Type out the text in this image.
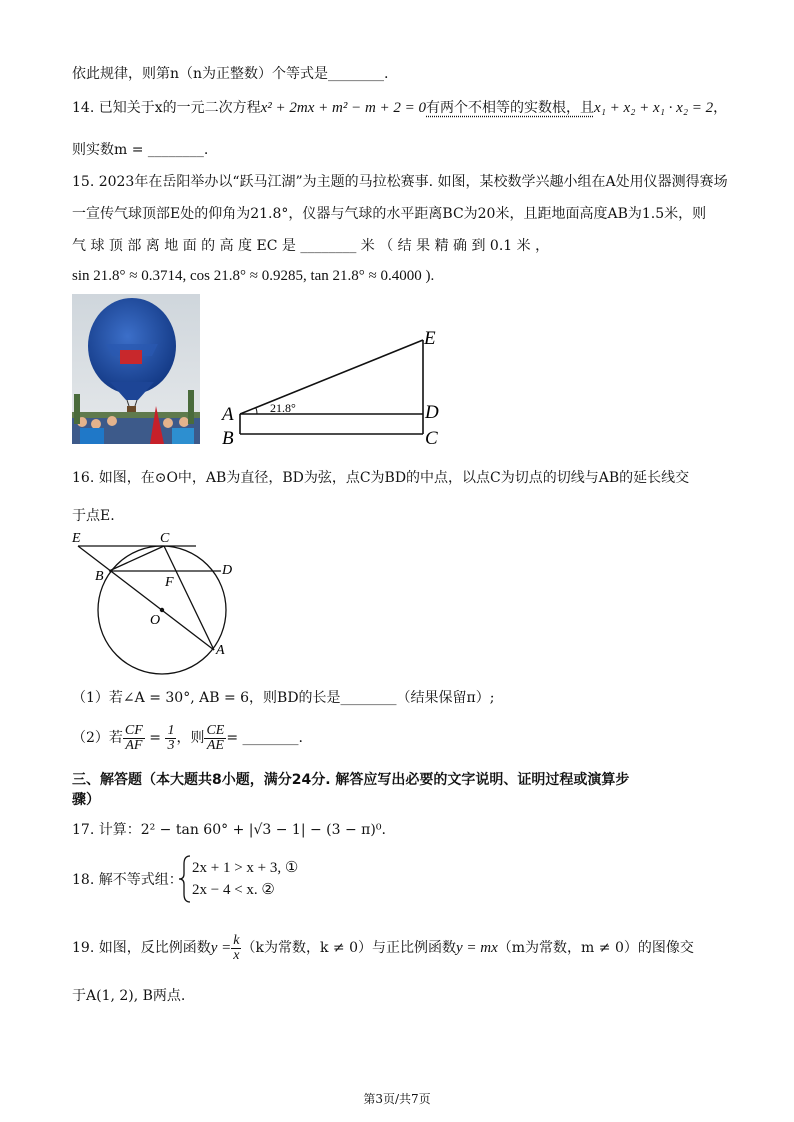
依此规律，则第n（n为正整数）个等式是________.
14. 已知关于x的一元二次方程x² + 2mx + m² − m + 2 = 0有两个不相等的实数根，且x₁ + x₂ + x₁ · x₂ = 2，
则实数m = ________.
15. 2023年在岳阳举办以“跃马江湖”为主题的马拉松赛事. 如图，某校数学兴趣小组在A处用仪器测得赛场
一宣传气球顶部E处的仰角为21.8°，仪器与气球的水平距离BC为20米，且距地面高度AB为1.5米，则
气 球 顶 部 离 地 面 的 高 度 EC 是 ________ 米 （ 结 果 精 确 到 0.1 米 ，
sin 21.8° ≈ 0.3714, cos 21.8° ≈ 0.9285, tan 21.8° ≈ 0.4000 ).
E
A
B
D
C
21.8°
16. 如图，在⊙O中，AB为直径，BD为弦，点C为BD的中点，以点C为切点的切线与AB的延长线交
于点E.
E	C
B	D
F
O
A
（1）若∠A = 30°, AB = 6，则BD的长是________（结果保留π）;
（2）若 $\frac{CF}{AF} = \frac{1}{3}$ ，则 $\frac{CE}{AE}$ = ________.
三、解答题（本大题共8小题，满分24分. 解答应写出必要的文字说明、证明过程或演算步
骤）
17. 计算：2² − tan 60° + |√3 − 1| − (3 − π)⁰.
18. 解不等式组：
2x + 1 > x + 3, ①
2x − 4 < x. ②
19. 如图，反比例函数$y = \frac{k}{x} (k$为常数，k ≠ 0）与正比例函数y = mx（m为常数，m ≠ 0）的图像交
于A(1, 2), B两点.
第3页/共7页
